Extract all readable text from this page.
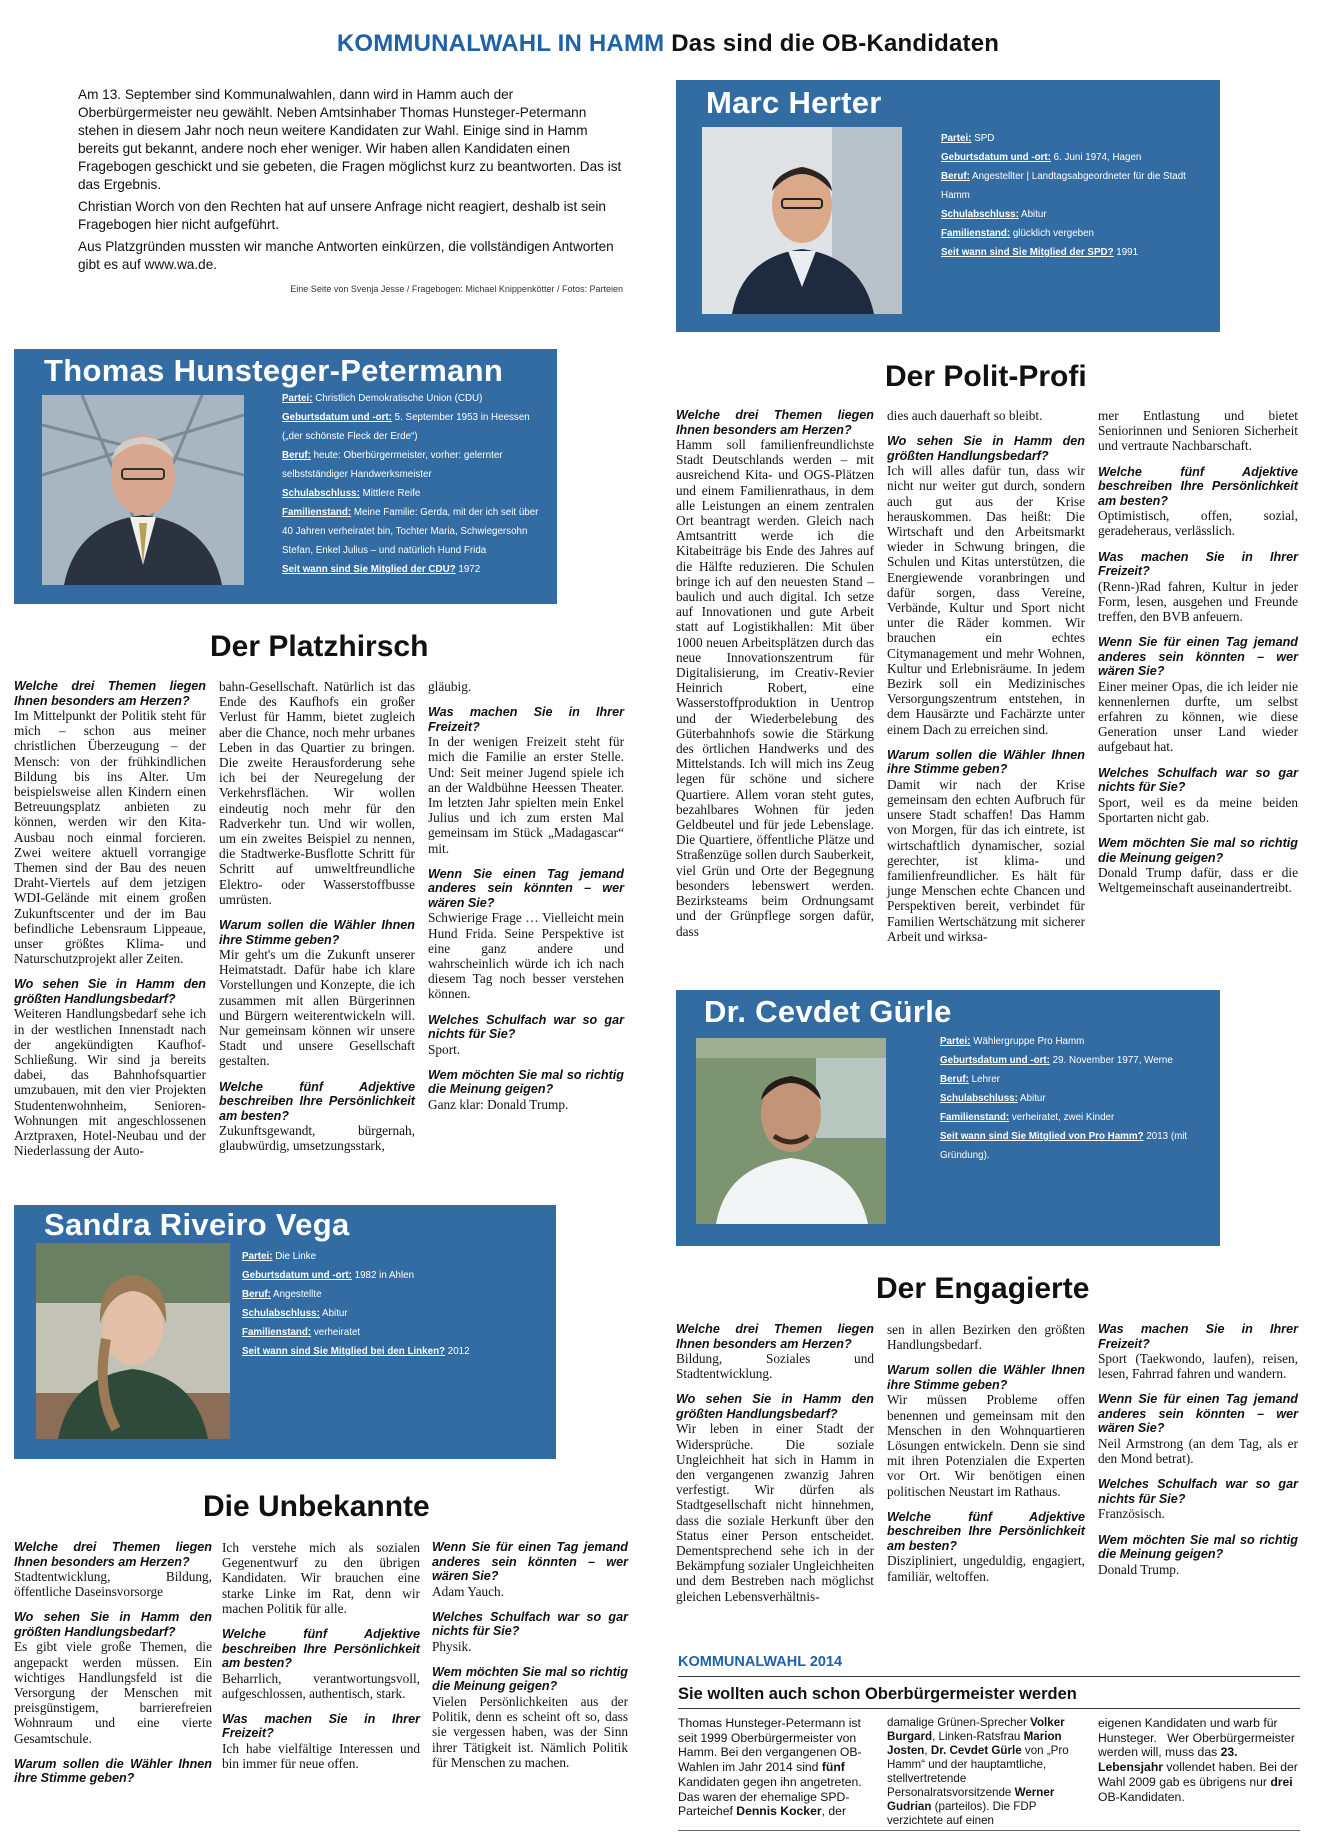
KOMMUNALWAHL IN HAMM Das sind die OB-Kandidaten

Am 13. September sind Kommunalwahlen, dann wird in Hamm auch der Oberbürgermeister neu gewählt. Neben Amtsinhaber Thomas Hunsteger-Petermann stehen in diesem Jahr noch neun weitere Kandidaten zur Wahl. Einige sind in Hamm bereits gut bekannt, andere noch eher weniger. Wir haben allen Kandidaten einen Fragebogen geschickt und sie gebeten, die Fragen möglichst kurz zu beantworten. Das ist das Ergebnis.

Christian Worch von den Rechten hat auf unsere Anfrage nicht reagiert, deshalb ist sein Fragebogen hier nicht aufgeführt.

Aus Platzgründen mussten wir manche Antworten einkürzen, die vollständigen Antworten gibt es auf www.wa.de.

Eine Seite von Svenja Jesse / Fragebogen: Michael Knippenkötter / Fotos: Parteien
Marc Herter
Partei: SPD
Geburtsdatum und -ort: 6. Juni 1974, Hagen
Beruf: Angestellter | Landtagsabgeordneter für die Stadt Hamm
Schulabschluss: Abitur
Familienstand: glücklich vergeben
Seit wann sind Sie Mitglied der SPD? 1991
Der Polit-Profi
Welche drei Themen liegen Ihnen besonders am Herzen?
Hamm soll familienfreundlichste Stadt Deutschlands werden – mit ausreichend Kita- und OGS-Plätzen und einem Familienrathaus, in dem alle Leistungen an einem zentralen Ort beantragt werden. Gleich nach Amtsantritt werde ich die Kitabeiträge bis Ende des Jahres auf die Hälfte reduzieren. Die Schulen bringe ich auf den neuesten Stand – baulich und auch digital. Ich setze auf Innovationen und gute Arbeit statt auf Logistikhallen: Mit über 1000 neuen Arbeitsplätzen durch das neue Innovationszentrum für Digitalisierung, im Creativ-Revier Heinrich Robert, eine Wasserstoffproduktion in Uentrop und der Wiederbelebung des Güterbahnhofs sowie die Stärkung des örtlichen Handwerks und des Mittelstands. Ich will mich ins Zeug legen für schöne und sichere Quartiere. Allem voran steht gutes, bezahlbares Wohnen für jeden Geldbeutel und für jede Lebenslage. Die Quartiere, öffentliche Plätze und Straßenzüge sollen durch Sauberkeit, viel Grün und Orte der Begegnung besonders lebenswert werden. Bezirksteams beim Ordnungsamt und der Grünpflege sorgen dafür, dass
dies auch dauerhaft so bleibt.
Wo sehen Sie in Hamm den größten Handlungsbedarf?
Ich will alles dafür tun, dass wir nicht nur weiter gut durch, sondern auch gut aus der Krise herauskommen. Das heißt: Die Wirtschaft und den Arbeitsmarkt wieder in Schwung bringen, die Schulen und Kitas unterstützen, die Energiewende voranbringen und dafür sorgen, dass Vereine, Verbände, Kultur und Sport nicht unter die Räder kommen. Wir brauchen ein echtes Citymanagement und mehr Wohnen, Kultur und Erlebnisräume. In jedem Bezirk soll ein Medizinisches Versorgungszentrum entstehen, in dem Hausärzte und Fachärzte unter einem Dach zu erreichen sind.
Warum sollen die Wähler Ihnen ihre Stimme geben?
Damit wir nach der Krise gemeinsam den echten Aufbruch für unsere Stadt schaffen! Das Hamm von Morgen, für das ich eintrete, ist wirtschaftlich dynamischer, sozial gerechter, ist klima- und familienfreundlicher. Es hält für junge Menschen echte Chancen und Perspektiven bereit, verbindet für Familien Wertschätzung mit sicherer Arbeit und wirksa-
mer Entlastung und bietet Seniorinnen und Senioren Sicherheit und vertraute Nachbarschaft.
Welche fünf Adjektive beschreiben Ihre Persönlichkeit am besten?
Optimistisch, offen, sozial, geradeheraus, verlässlich.
Was machen Sie in Ihrer Freizeit?
(Renn-)Rad fahren, Kultur in jeder Form, lesen, ausgehen und Freunde treffen, den BVB anfeuern.
Wenn Sie für einen Tag jemand anderes sein könnten – wer wären Sie?
Einer meiner Opas, die ich leider nie kennenlernen durfte, um selbst erfahren zu können, wie diese Generation unser Land wieder aufgebaut hat.
Welches Schulfach war so gar nichts für Sie?
Sport, weil es da meine beiden Sportarten nicht gab.
Wem möchten Sie mal so richtig die Meinung geigen?
Donald Trump dafür, dass er die Weltgemeinschaft auseinandertreibt.
Thomas Hunsteger-Petermann
Partei: Christlich Demokratische Union (CDU)
Geburtsdatum und -ort: 5. September 1953 in Heessen („der schönste Fleck der Erde“)
Beruf: heute: Oberbürgermeister, vorher: gelernter selbstständiger Handwerksmeister
Schulabschluss: Mittlere Reife
Familienstand: Meine Familie: Gerda, mit der ich seit über 40 Jahren verheiratet bin, Tochter Maria, Schwiegersohn Stefan, Enkel Julius – und natürlich Hund Frida
Seit wann sind Sie Mitglied der CDU? 1972
Der Platzhirsch
Welche drei Themen liegen Ihnen besonders am Herzen?
Im Mittelpunkt der Politik steht für mich – schon aus meiner christlichen Überzeugung – der Mensch: von der frühkindlichen Bildung bis ins Alter. Um beispielsweise allen Kindern einen Betreuungsplatz anbieten zu können, werden wir den Kita-Ausbau noch einmal forcieren. Zwei weitere aktuell vorrangige Themen sind der Bau des neuen Draht-Viertels auf dem jetzigen WDI-Gelände mit einem großen Zukunftscenter und der im Bau befindliche Lebensraum Lippeaue, unser größtes Klima- und Naturschutzprojekt aller Zeiten.
Wo sehen Sie in Hamm den größten Handlungsbedarf?
Weiteren Handlungsbedarf sehe ich in der westlichen Innenstadt nach der angekündigten Kaufhof-Schließung. Wir sind ja bereits dabei, das Bahnhofsquartier umzubauen, mit den vier Projekten Studentenwohnheim, Senioren-Wohnungen mit angeschlossenen Arztpraxen, Hotel-Neubau und der Niederlassung der Auto-
bahn-Gesellschaft. Natürlich ist das Ende des Kaufhofs ein großer Verlust für Hamm, bietet zugleich aber die Chance, noch mehr urbanes Leben in das Quartier zu bringen. Die zweite Herausforderung sehe ich bei der Neuregelung der Verkehrsflächen. Wir wollen eindeutig noch mehr für den Radverkehr tun. Und wir wollen, um ein zweites Beispiel zu nennen, die Stadtwerke-Busflotte Schritt für Schritt auf umweltfreundliche Elektro- oder Wasserstoffbusse umrüsten.
Warum sollen die Wähler Ihnen ihre Stimme geben?
Mir geht's um die Zukunft unserer Heimatstadt. Dafür habe ich klare Vorstellungen und Konzepte, die ich zusammen mit allen Bürgerinnen und Bürgern weiterentwickeln will. Nur gemeinsam können wir unsere Stadt und unsere Gesellschaft gestalten.
Welche fünf Adjektive beschreiben Ihre Persönlichkeit am besten?
Zukunftsgewandt, bürgernah, glaubwürdig, umsetzungsstark,
gläubig.
Was machen Sie in Ihrer Freizeit?
In der wenigen Freizeit steht für mich die Familie an erster Stelle. Und: Seit meiner Jugend spiele ich an der Waldbühne Heessen Theater. Im letzten Jahr spielten mein Enkel Julius und ich zum ersten Mal gemeinsam im Stück „Madagascar“ mit.
Wenn Sie einen Tag jemand anderes sein könnten – wer wären Sie?
Schwierige Frage … Vielleicht mein Hund Frida. Seine Perspektive ist eine ganz andere und wahrscheinlich würde ich ich nach diesem Tag noch besser verstehen können.
Welches Schulfach war so gar nichts für Sie?
Sport.
Wem möchten Sie mal so richtig die Meinung geigen?
Ganz klar: Donald Trump.
Dr. Cevdet Gürle
Partei: Wählergruppe Pro Hamm
Geburtsdatum und -ort: 29. November 1977, Werne
Beruf: Lehrer
Schulabschluss: Abitur
Familienstand: verheiratet, zwei Kinder
Seit wann sind Sie Mitglied von Pro Hamm? 2013 (mit Gründung).
Der Engagierte
Welche drei Themen liegen Ihnen besonders am Herzen?
Bildung, Soziales und Stadtentwicklung.
Wo sehen Sie in Hamm den größten Handlungsbedarf?
Wir leben in einer Stadt der Widersprüche. Die soziale Ungleichheit hat sich in Hamm in den vergangenen zwanzig Jahren verfestigt. Wir dürfen als Stadtgesellschaft nicht hinnehmen, dass die soziale Herkunft über den Status einer Person entscheidet. Dementsprechend sehe ich in der Bekämpfung sozialer Ungleichheiten und dem Bestreben nach möglichst gleichen Lebensverhältnis-
sen in allen Bezirken den größten Handlungsbedarf.
Warum sollen die Wähler Ihnen ihre Stimme geben?
Wir müssen Probleme offen benennen und gemeinsam mit den Menschen in den Wohnquartieren Lösungen entwickeln. Denn sie sind mit ihren Potenzialen die Experten vor Ort. Wir benötigen einen politischen Neustart im Rathaus.
Welche fünf Adjektive beschreiben Ihre Persönlichkeit am besten?
Diszipliniert, ungeduldig, engagiert, familiär, weltoffen.
Was machen Sie in Ihrer Freizeit?
Sport (Taekwondo, laufen), reisen, lesen, Fahrrad fahren und wandern.
Wenn Sie für einen Tag jemand anderes sein könnten – wer wären Sie?
Neil Armstrong (an dem Tag, als er den Mond betrat).
Welches Schulfach war so gar nichts für Sie?
Französisch.
Wem möchten Sie mal so richtig die Meinung geigen?
Donald Trump.
Sandra Riveiro Vega
Partei: Die Linke
Geburtsdatum und -ort: 1982 in Ahlen
Beruf: Angestellte
Schulabschluss: Abitur
Familienstand: verheiratet
Seit wann sind Sie Mitglied bei den Linken? 2012
Die Unbekannte
Welche drei Themen liegen Ihnen besonders am Herzen?
Stadtentwicklung, Bildung, öffentliche Daseinsvorsorge
Wo sehen Sie in Hamm den größten Handlungsbedarf?
Es gibt viele große Themen, die angepackt werden müssen. Ein wichtiges Handlungsfeld ist die Versorgung der Menschen mit preisgünstigem, barrierefreien Wohnraum und eine vierte Gesamtschule.
Warum sollen die Wähler Ihnen ihre Stimme geben?
Ich verstehe mich als sozialen Gegenentwurf zu den übrigen Kandidaten. Wir brauchen eine starke Linke im Rat, denn wir machen Politik für alle.
Welche fünf Adjektive beschreiben Ihre Persönlichkeit am besten?
Beharrlich, verantwortungsvoll, aufgeschlossen, authentisch, stark.
Was machen Sie in Ihrer Freizeit?
Ich habe vielfältige Interessen und bin immer für neue offen.
Wenn Sie für einen Tag jemand anderes sein könnten – wer wären Sie?
Adam Yauch.
Welches Schulfach war so gar nichts für Sie?
Physik.
Wem möchten Sie mal so richtig die Meinung geigen?
Vielen Persönlichkeiten aus der Politik, denn es scheint oft so, dass sie vergessen haben, was der Sinn ihrer Tätigkeit ist. Nämlich Politik für Menschen zu machen.
KOMMUNALWAHL 2014
Sie wollten auch schon Oberbürgermeister werden
Thomas Hunsteger-Petermann ist seit 1999 Oberbürgermeister von Hamm. Bei den vergangenen OB-Wahlen im Jahr 2014 sind fünf Kandidaten gegen ihn angetreten. Das waren der ehemalige SPD-Parteichef Dennis Kocker, der
damalige Grünen-Sprecher Volker Burgard, Linken-Ratsfrau Marion Josten, Dr. Cevdet Gürle von „Pro Hamm“ und der hauptamtliche, stellvertretende Personalratsvorsitzende Werner Gudrian (parteilos). Die FDP verzichtete auf einen
eigenen Kandidaten und warb für Hunsteger.   Wer Oberbürgermeister werden will, muss das 23. Lebensjahr vollendet haben. Bei der Wahl 2009 gab es übrigens nur drei OB-Kandidaten.
